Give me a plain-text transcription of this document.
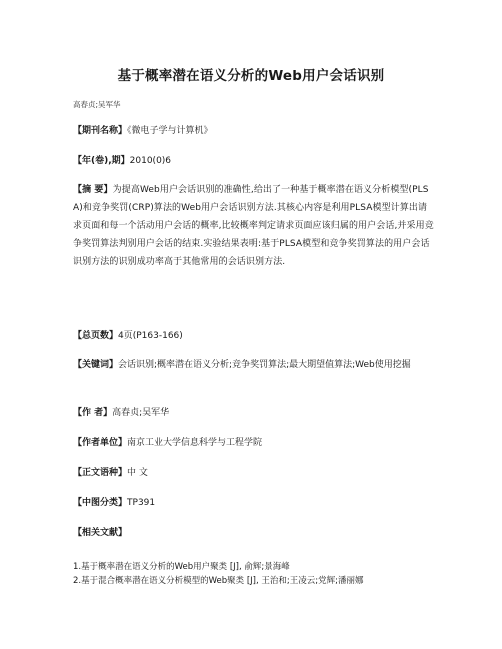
基于概率潜在语义分析的Web用户会话识别
高春贞;吴军华
【期刊名称】《微电子学与计算机》
【年(卷),期】2010(0)6
【摘 要】为提高Web用户会话识别的准确性,给出了一种基于概率潜在语义分析模型(PLSA)和竞争奖罚(CRP)算法的Web用户会话识别方法.其核心内容是利用PLSA模型计算出请求页面和每一个活动用户会话的概率,比较概率判定请求页面应该归属的用户会话,并采用竞争奖罚算法判别用户会话的结束.实验结果表明:基于PLSA模型和竞争奖罚算法的用户会话识别方法的识别成功率高于其他常用的会话识别方法.
【总页数】4页(P163-166)
【关键词】会话识别;概率潜在语义分析;竞争奖罚算法;最大期望值算法;Web使用挖掘
【作 者】高春贞;吴军华
【作者单位】南京工业大学信息科学与工程学院
【正文语种】中 文
【中图分类】TP391
【相关文献】
1.基于概率潜在语义分析的Web用户聚类 [J], 俞辉;景海峰
2.基于混合概率潜在语义分析模型的Web聚类 [J], 王治和;王凌云;党辉;潘丽娜
